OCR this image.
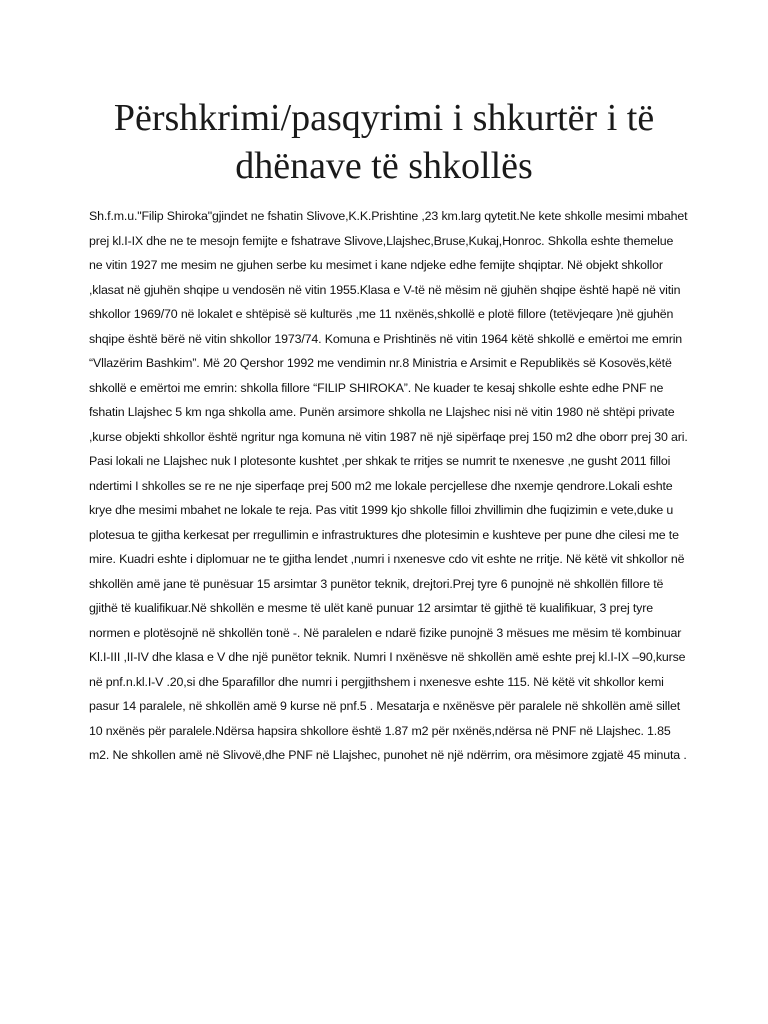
Përshkrimi/pasqyrimi i shkurtër i të dhënave të shkollës

Sh.f.m.u."Filip Shiroka"gjindet ne fshatin Slivove,K.K.Prishtine ,23 km.larg qytetit.Ne kete shkolle mesimi mbahet prej kl.I-IX dhe ne te mesojn femijte e fshatrave Slivove,Llajshec,Bruse,Kukaj,Honroc. Shkolla eshte themelue ne vitin 1927 me mesim ne gjuhen serbe ku mesimet i kane ndjeke edhe femijte shqiptar. Në objekt shkollor ,klasat në gjuhën shqipe u vendosën në vitin 1955.Klasa e V-të në mësim në gjuhën shqipe është hapë në vitin shkollor 1969/70 në lokalet e shtëpisë së kulturës ,me 11 nxënës,shkollë e plotë fillore (tetëvjeqare )në gjuhën shqipe është bërë në vitin shkollor 1973/74. Komuna e Prishtinës në vitin 1964 këtë shkollë e emërtoi me emrin “Vllazërim Bashkim”. Më 20 Qershor 1992 me vendimin nr.8 Ministria e Arsimit e Republikës së Kosovës,këtë shkollë e emërtoi me emrin: shkolla fillore “FILIP SHIROKA”. Ne kuader te kesaj shkolle eshte edhe PNF ne fshatin Llajshec 5 km nga shkolla ame. Punën arsimore shkolla ne Llajshec nisi në vitin 1980 në shtëpi private ,kurse objekti shkollor është ngritur nga komuna në vitin 1987 në një sipërfaqe prej 150 m2 dhe oborr prej 30 ari. Pasi lokali ne Llajshec nuk I plotesonte kushtet ,per shkak te rritjes se numrit te nxenesve ,ne gusht 2011 filloi ndertimi I shkolles se re ne nje siperfaqe prej 500 m2 me lokale percjellese dhe nxemje qendrore.Lokali eshte krye dhe mesimi mbahet ne lokale te reja. Pas vitit 1999 kjo shkolle filloi zhvillimin dhe fuqizimin e vete,duke u plotesua te gjitha kerkesat per rregullimin e infrastruktures dhe plotesimin e kushteve per pune dhe cilesi me te mire. Kuadri eshte i diplomuar ne te gjitha lendet ,numri i nxenesve cdo vit eshte ne rritje. Në këtë vit shkollor në shkollën amë jane të punësuar 15 arsimtar 3 punëtor teknik, drejtori.Prej tyre 6 punojnë në shkollën fillore të gjithë të kualifikuar.Në shkollën e mesme të ulët kanë punuar 12 arsimtar të gjithë të kualifikuar, 3 prej tyre normen e plotësojnë në shkollën tonë -. Në paralelen e ndarë fizike punojnë 3 mësues me mësim të kombinuar Kl.I-III ,II-IV dhe klasa e V dhe një punëtor teknik. Numri I nxënësve në shkollën amë eshte prej kl.I-IX –90,kurse në pnf.n.kl.I-V .20,si dhe 5parafillor dhe numri i pergjithshem i nxenesve eshte 115. Në këtë vit shkollor kemi pasur 14 paralele, në shkollën amë 9 kurse në pnf.5 . Mesatarja e nxënësve për paralele në shkollën amë sillet 10 nxënës për paralele.Ndërsa hapsira shkollore është 1.87 m2 për nxënës,ndërsa në PNF në Llajshec. 1.85 m2. Ne shkollen amë në Slivovë,dhe PNF në Llajshec, punohet në një ndërrim, ora mësimore zgjatë 45 minuta .
